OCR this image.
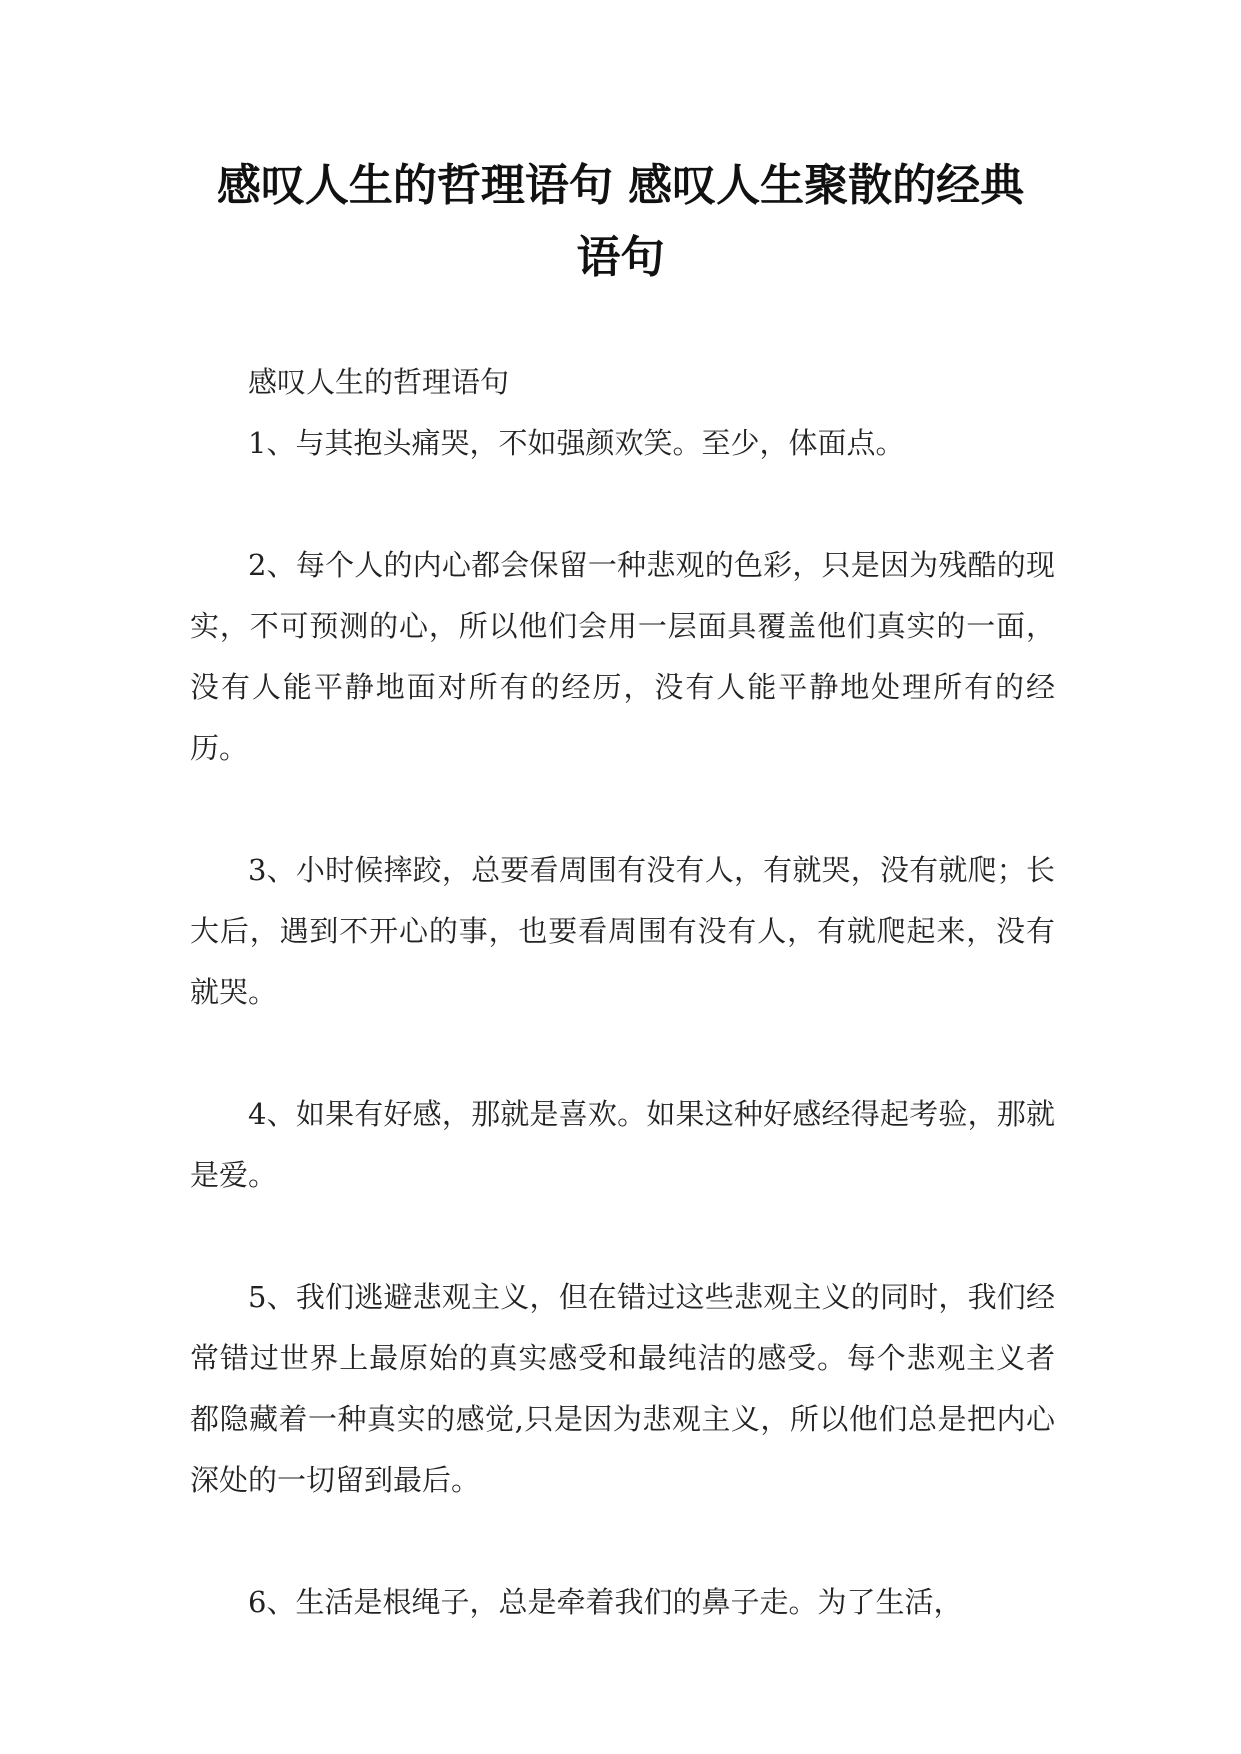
感叹人生的哲理语句 感叹人生聚散的经典
语句

感叹人生的哲理语句

1、与其抱头痛哭，不如强颜欢笑。至少，体面点。

2、每个人的内心都会保留一种悲观的色彩，只是因为残酷的现实，不可预测的心，所以他们会用一层面具覆盖他们真实的一面，没有人能平静地面对所有的经历，没有人能平静地处理所有的经历。

3、小时候摔跤，总要看周围有没有人，有就哭，没有就爬；长大后，遇到不开心的事，也要看周围有没有人，有就爬起来，没有就哭。

4、如果有好感，那就是喜欢。如果这种好感经得起考验，那就是爱。

5、我们逃避悲观主义，但在错过这些悲观主义的同时，我们经常错过世界上最原始的真实感受和最纯洁的感受。每个悲观主义者都隐藏着一种真实的感觉,只是因为悲观主义，所以他们总是把内心深处的一切留到最后。

6、生活是根绳子，总是牵着我们的鼻子走。为了生活，
